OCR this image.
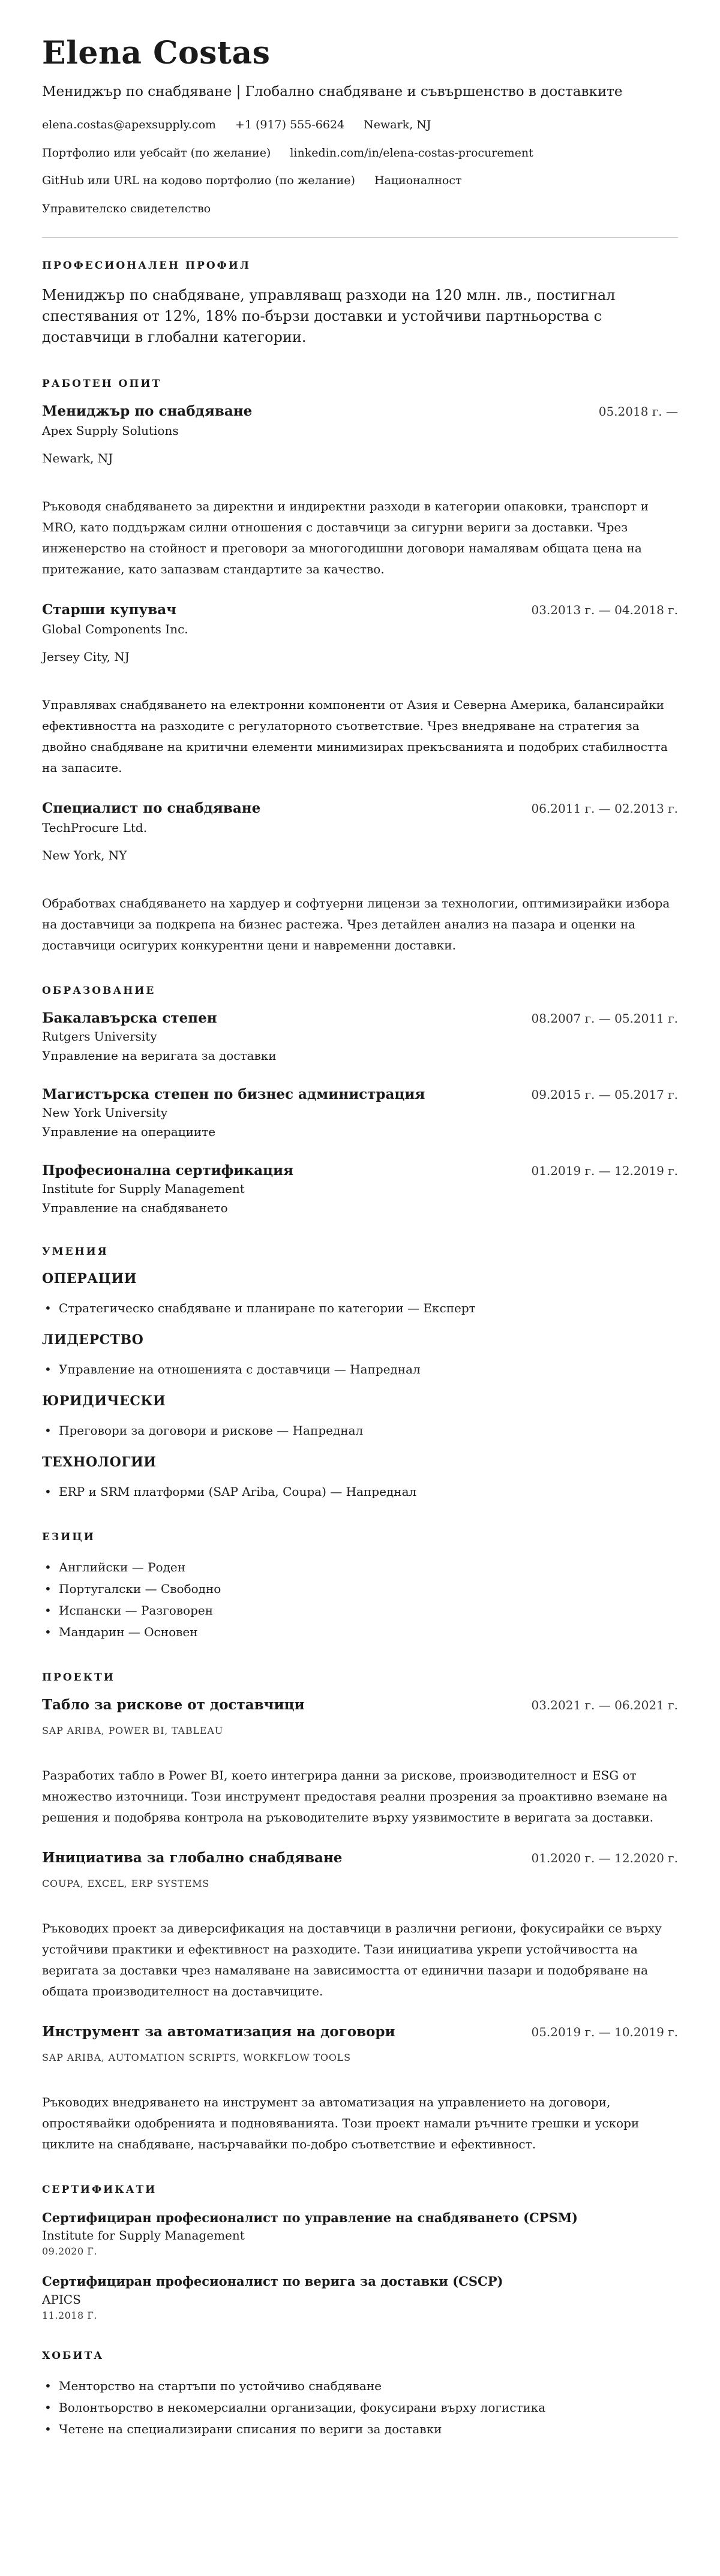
Elena Costas
Мениджър по снабдяване | Глобално снабдяване и съвършенство в доставките
elena.costas@apexsupply.com +1 (917) 555-6624 Newark, NJ
Портфолио или уебсайт (по желание) linkedin.com/in/elena-costas-procurement
GitHub или URL на кодово портфолио (по желание) Националност
Управителско свидетелство
ПРОФЕСИОНАЛЕН ПРОФИЛ

Мениджър по снабдяване, управляващ разходи на 120 млн. лв., постигнал спестявания от 12%, 18% по-бързи доставки и устойчиви партньорства с доставчици в глобални категории.

РАБОТЕН ОПИТ
Мениджър по снабдяване	05.2018 г. —
Apex Supply Solutions
Newark, NJ

Ръководя снабдяването за директни и индиректни разходи в категории опаковки, транспорт и MRO, като поддържам силни отношения с доставчици за сигурни вериги за доставки. Чрез инженерство на стойност и преговори за многогодишни договори намалявам общата цена на притежание, като запазвам стандартите за качество.

Старши купувач	03.2013 г. — 04.2018 г.
Global Components Inc.
Jersey City, NJ

Управлявах снабдяването на електронни компоненти от Азия и Северна Америка, балансирайки ефективността на разходите с регулаторното съответствие. Чрез внедряване на стратегия за двойно снабдяване на критични елементи минимизирах прекъсванията и подобрих стабилността на запасите.

Специалист по снабдяване	06.2011 г. — 02.2013 г.
TechProcure Ltd.
New York, NY

Обработвах снабдяването на хардуер и софтуерни лицензи за технологии, оптимизирайки избора на доставчици за подкрепа на бизнес растежа. Чрез детайлен анализ на пазара и оценки на доставчици осигурих конкурентни цени и навременни доставки.

ОБРАЗОВАНИЕ
Бакалавърска степен	08.2007 г. — 05.2011 г.
Rutgers University
Управление на веригата за доставки
Магистърска степен по бизнес администрация	09.2015 г. — 05.2017 г.
New York University
Управление на операциите
Професионална сертификация	01.2019 г. — 12.2019 г.
Institute for Supply Management
Управление на снабдяването
УМЕНИЯ
ОПЕРАЦИИ
• Стратегическо снабдяване и планиране по категории — Експерт
ЛИДЕРСТВО
• Управление на отношенията с доставчици — Напреднал
ЮРИДИЧЕСКИ
• Преговори за договори и рискове — Напреднал
ТЕХНОЛОГИИ
• ERP и SRM платформи (SAP Ariba, Coupa) — Напреднал
ЕЗИЦИ
• Английски — Роден
• Португалски — Свободно
• Испански — Разговорен
• Мандарин — Основен
ПРОЕКТИ
Табло за рискове от доставчици	03.2021 г. — 06.2021 г.
SAP ARIBA, POWER BI, TABLEAU

Разработих табло в Power BI, което интегрира данни за рискове, производителност и ESG от множество източници. Този инструмент предоставя реални прозрения за проактивно вземане на решения и подобрява контрола на ръководителите върху уязвимостите в веригата за доставки.

Инициатива за глобално снабдяване	01.2020 г. — 12.2020 г.
COUPA, EXCEL, ERP SYSTEMS

Ръководих проект за диверсификация на доставчици в различни региони, фокусирайки се върху устойчиви практики и ефективност на разходите. Тази инициатива укрепи устойчивостта на веригата за доставки чрез намаляване на зависимостта от единични пазари и подобряване на общата производителност на доставчиците.

Инструмент за автоматизация на договори	05.2019 г. — 10.2019 г.
SAP ARIBA, AUTOMATION SCRIPTS, WORKFLOW TOOLS

Ръководих внедряването на инструмент за автоматизация на управлението на договори, опростявайки одобренията и подновяванията. Този проект намали ръчните грешки и ускори циклите на снабдяване, насърчавайки по-добро съответствие и ефективност.

СЕРТИФИКАТИ
Сертифициран професионалист по управление на снабдяването (CPSM)
Institute for Supply Management
09.2020 Г.
Сертифициран професионалист по верига за доставки (CSCP)
APICS
11.2018 Г.
ХОБИТА
• Менторство на стартъпи по устойчиво снабдяване
• Волонтьорство в некомерсиални организации, фокусирани върху логистика
• Четене на специализирани списания по вериги за доставки
